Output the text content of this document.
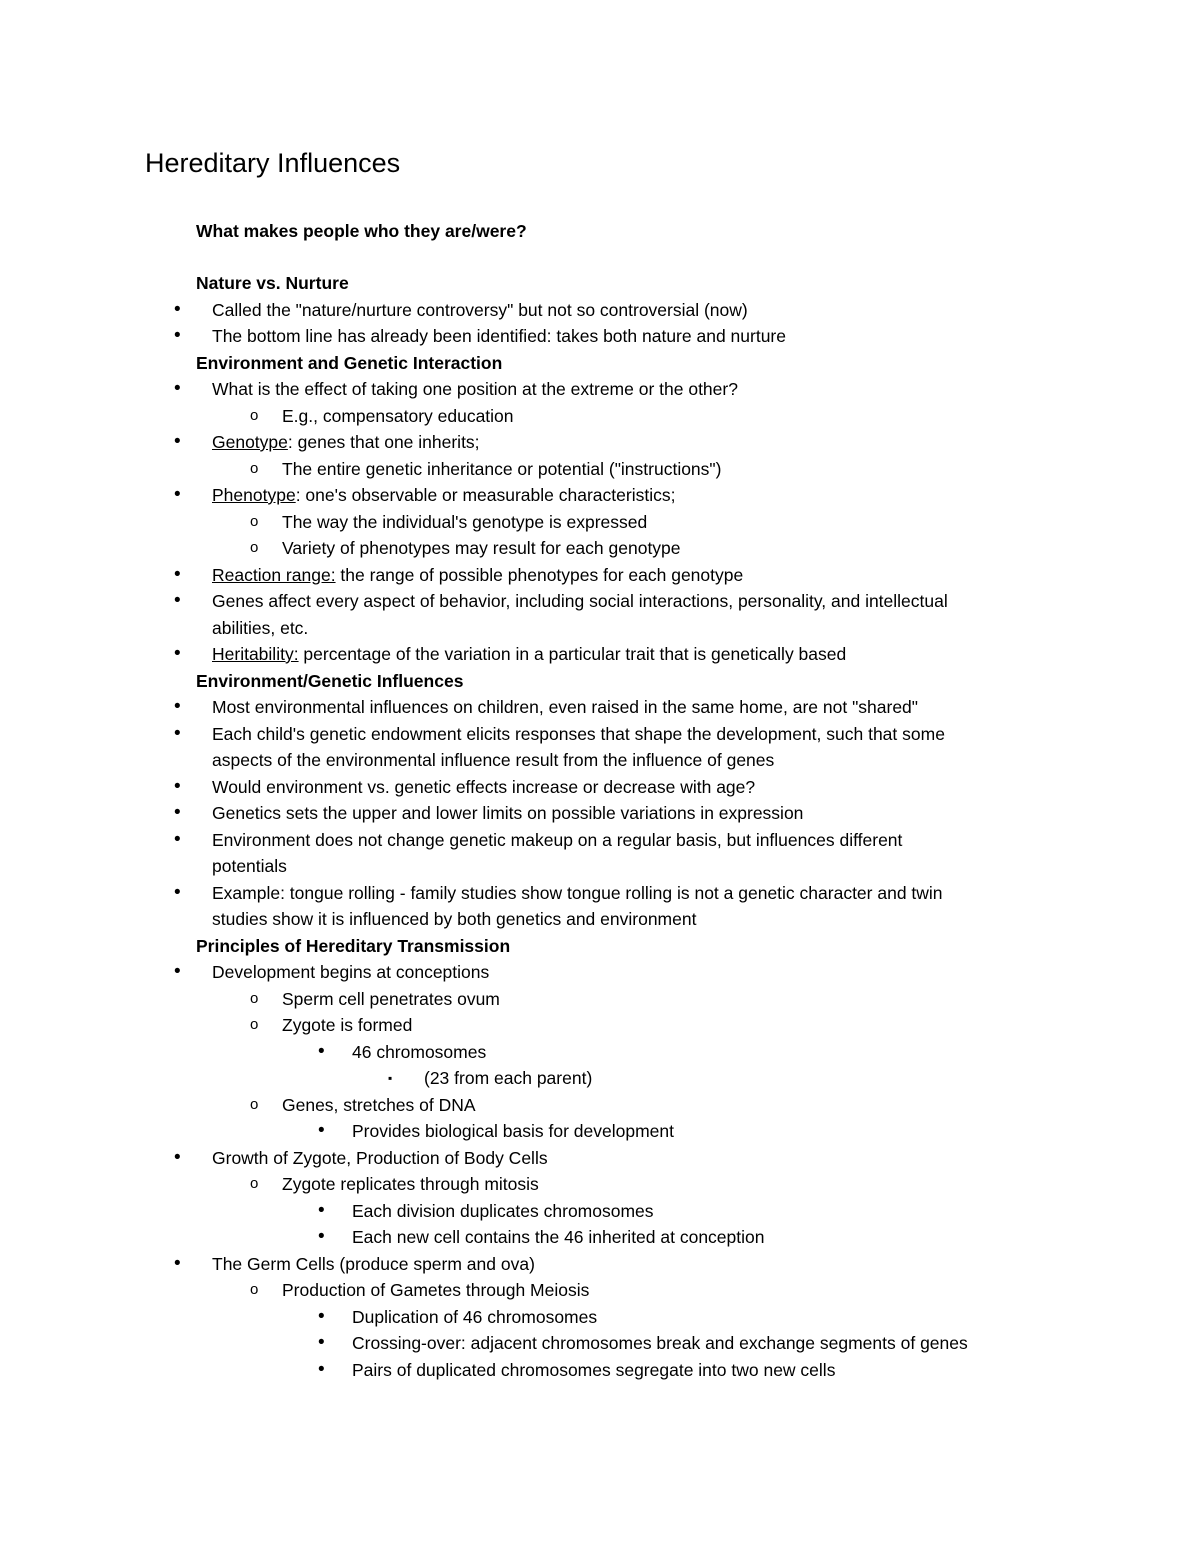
Hereditary Influences
What makes people who they are/were?
Nature vs. Nurture
• Called the "nature/nurture controversy" but not so controversial (now)
• The bottom line has already been identified: takes both nature and nurture
Environment and Genetic Interaction
• What is the effect of taking one position at the extreme or the other?
o E.g., compensatory education
• Genotype: genes that one inherits;
o The entire genetic inheritance or potential ("instructions")
• Phenotype: one's observable or measurable characteristics;
o The way the individual's genotype is expressed
o Variety of phenotypes may result for each genotype
• Reaction range: the range of possible phenotypes for each genotype
• Genes affect every aspect of behavior, including social interactions, personality, and intellectual
abilities, etc.
• Heritability: percentage of the variation in a particular trait that is genetically based
Environment/Genetic Influences
• Most environmental influences on children, even raised in the same home, are not "shared"
• Each child's genetic endowment elicits responses that shape the development, such that some
aspects of the environmental influence result from the influence of genes
• Would environment vs. genetic effects increase or decrease with age?
• Genetics sets the upper and lower limits on possible variations in expression
• Environment does not change genetic makeup on a regular basis, but influences different
potentials
• Example: tongue rolling - family studies show tongue rolling is not a genetic character and twin
studies show it is influenced by both genetics and environment
Principles of Hereditary Transmission
• Development begins at conceptions
o Sperm cell penetrates ovum
o Zygote is formed
• 46 chromosomes
▪ (23 from each parent)
o Genes, stretches of DNA
• Provides biological basis for development
• Growth of Zygote, Production of Body Cells
o Zygote replicates through mitosis
• Each division duplicates chromosomes
• Each new cell contains the 46 inherited at conception
• The Germ Cells (produce sperm and ova)
o Production of Gametes through Meiosis
• Duplication of 46 chromosomes
• Crossing-over: adjacent chromosomes break and exchange segments of genes
• Pairs of duplicated chromosomes segregate into two new cells
